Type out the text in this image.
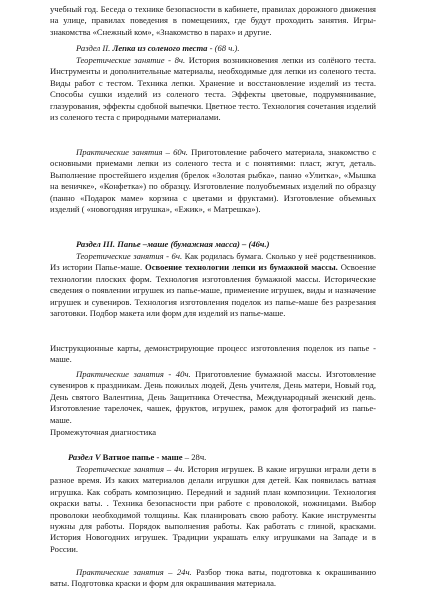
учебный год. Беседа о технике безопасности в кабинете, правилах дорожного движения на улице, правилах поведения в помещениях, где будут проходить занятия. Игры-знакомства «Снежный ком», «Знакомство в парах» и другие.
Раздел II. Лепка из соленого теста - (68 ч.).
Теоретические занятие - 8ч. История возникновения лепки из солёного теста. Инструменты и дополнительные материалы, необходимые для лепки из соленого теста. Виды работ с тестом. Техника лепки. Хранение и восстановление изделий из теста. Способы сушки изделий из соленого теста. Эффекты цветовые, подрумянивание, глазурования, эффекты сдобной выпечки. Цветное тесто. Технология сочетания изделий из соленого теста с природными материалами.
Практические занятия – 60ч. Приготовление рабочего материала, знакомство с основными приемами лепки из соленого теста и с понятиями: пласт, жгут, деталь. Выполнение простейшего изделия (брелок «Золотая рыбка», панно «Улитка», «Мышка на веничке», «Конфетка») по образцу. Изготовление полуобъемных изделий по образцу (панно «Подарок маме» корзина с цветами и фруктами). Изготовление объемных изделий ( «новогодняя игрушка», «Ежик», « Матрешка»).
Раздел III. Папье –маше (бумажная масса) – (46ч.)
Теоретические занятия - 6ч. Как родилась бумага. Сколько у неё родственников. Из истории Папье-маше. Освоение технологии лепки из бумажной массы. Освоение технологии плоских форм. Технология изготовления бумажной массы. Исторические сведения о появлении игрушек из папье-маше, применение игрушек, виды и назначение игрушек и сувениров. Технология изготовления поделок из папье-маше без разрезания заготовки. Подбор макета или форм для изделий из папье-маше.
Инструкционные карты, демонстрирующие процесс изготовления поделок из папье - маше.
Практические занятия - 40ч. Приготовление бумажной массы. Изготовление сувениров к праздникам. День пожилых людей, День учителя, День матери, Новый год, День святого Валентина, День Защитника Отечества, Международный женский день. Изготовление тарелочек, чашек, фруктов, игрушек, рамок для фотографий из папье-маше.
Промежуточная диагностика
Раздел V Ватное папье - маше – 28ч.
Теоретические занятия – 4ч. История игрушек. В какие игрушки играли дети в разное время. Из каких материалов делали игрушки для детей. Как появилась ватная игрушка. Как собрать композицию. Передний и задний план композиции. Технология окраски ваты. . Техника безопасности при работе с проволокой, ножницами. Выбор проволоки необходимой толщины. Как планировать свою работу. Какие инструменты нужны для работы. Порядок выполнения работы. Как работать с глиной, красками. История Новогодних игрушек. Традиции украшать елку игрушками на Западе и в России.
Практические занятия – 24ч. Разбор тюка ваты, подготовка к окрашиванию ваты. Подготовка краски и форм для окрашивания материала.
